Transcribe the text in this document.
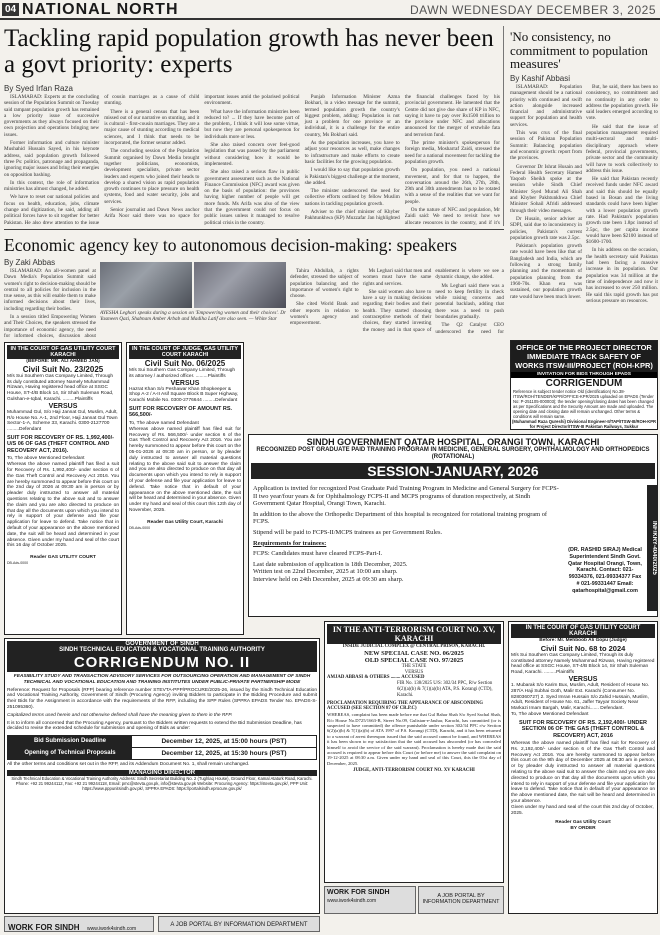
04 NATIONAL NORTH	DAWN WEDNESDAY DECEMBER 3, 2025
Tackling rapid population growth has never been a govt priority: experts
By Syed Irfan Raza

ISLAMABAD: Experts at the concluding session of the Population Summit on Tuesday said rampant population growth has remained a low priority issue of successive governments as they always focused on their own projection and operations bringing new issues.

Former information and culture minister Mushahid Hussain Sayed, in his keynote address, said population growth followed three Ps: politics, patronage and propaganda, ignoring major issues and bring their energies on opposition bashing.

In this context, the role of information ministries has almost changed, he added.

We have to reset our national policies and focus on health, education, jobs, climate change and digitization, he said, adding all political forces have to sit together for better Pakistan. He also drew attention to the issue of cousin marriages as a cause of child stunting.

There is a general census that has been missed out of our narrative on stunting, and it is cultural - first-cousin marriages. They are a major cause of stunting according to medical sciences, and I think that needs to be incorporated, the former senator added.

The concluding session of the Population Summit organised by Dawn Media brought together politicians, economists, development specialists, private sector leaders and experts who joined their heads to develop a shared vision as rapid population growth continues to place pressure on health systems, food and water security, jobs and services.

Senior journalist and Dawn News anchor Arifa Noor said there was no space for important issues amid the polarised political environment.

What have the information ministries been reduced to? ... If they have become part of the problem,. I think it will lose some virtue, but now they are personal spokesperson for individuals more or less.

She also raised concern over feel-good legislation that was passed by the parliament without considering how it would be implemented.

She also raised a serious flaw in public government assessment such as the National Finance Commission (NFC) award was given on the basis of population: the provinces having higher number of people will get more funds. Ms Arifa was also of the view that the government could not focus on public issues unless it managed to resolve political crisis in the country.

Punjab Information Minister Azma Bokhari, in a video message for the summit, termed population growth the country's biggest problem, adding: Population is not just a problem for one province or an individual, it is a challenge for the entire country, Ms Bokhari said.

As the population increases, you have to adjust your resources as well, make changes to infrastructure and make efforts to create basic facilities for the growing population.

I would like to say that population growth is Pakistan's biggest challenge at the moment, she added.

The minister underscored the need for collective efforts outlined by fellow Muslim nations in tackling population growth.

Adviser to the chief minister of Khyber Pakhtunkhwa (KP) Muzzafar Jan highlighted the financial challenges faced by his provincial government. He lamented that the Centre did not give due share of KP in NFC, saying it have to pay over Rs1500 trillion to the province under NFC and allocations announced for the merger of erstwhile fata and terrorism fund.

The prime minister's spokesperson for foreign media, Mosharraf Zaidi, stressed the need for a national movement for tackling the population growth.

On population, you need a national movement, and for that to happen, the conversation around the 26th, 27th, 28th, 29th and 30th amendments has to be rotated with a sense of the realities that we want for people.

On the nature of NFC and population, Mr Zaidi said: We need to revisit how we allocate resources in the country, and if it's

'No consistency, no commitment to population measures'
By Kashif Abbasi

ISLAMABAD: Population management should be a national priority with continued and swift action alongside increased financial and administrative support for population and health services.

This was crux of the final session of Pakistan Population Summit: Balancing population and economic growth: report from the provinces.

Governor Dr Ishrat Husain and Federal Health Secretary Hamed Yaqoob Sheikh spoke at the session while Sindh Chief Minister Syed Murad Ali Shah and Khyber Pakhtunkhwa Chief Minister Sohail Afridi addressed through their video messages.

Dr Husain, senior adviser at SDPI, said due to inconsistency in policies, Pakistan's current population growth rate was 2.5pc.

Pakistan's population growth rate would have been like that of Bangladesh and India, which are following a strong family planning and the momentum of population planning from the 1960-70s. Khan era was sustained, our population growth rate would have been much lower.

But, he said, there has been no consistency, no commitment and no continuity in any order to address the population growth. He said leaders emerged according to vote.

He said that the issue of population management required multi-sectoral and multi-disciplinary approach where federal, provincial governments, private sector and the community will have to work collectively to address this issue.

He said that Pakistan recently received funds under NFC award and said this should be equally based in Bosan and the living standards could have been higher with a lower population growth rate. Had Pakistan's population growth rate been 1.8pc instead of 2.5pc, the per capita income would have been $2100 instead of $1600-1700.

In his address on the occasion, the health secretary said Pakistan had been facing a massive increase in its population. Our population was 34 million at the time of independence and now it has increased to over 250 million. He said this rapid growth has put serious pressure on resources.

Economic agency key to autonomous decision-making: speakers
By Zaki Abbas

ISLAMABAD: An all-women panel at Dawn Media's Population Summit said women's right to decision-making should be central to all policies for inclusion in the true sense, as this will enable them to make informed decisions about their lives, including regarding their bodies.

In a session titled Empowering Women and Their Choices, the speakers stressed the importance of economic agency, the need for informed choices, discussion about

AYESHA Leghari speaks during a session on 'Empowering women and their choices'. Dr Yasmeen Qazi, Shabnam Amber Arbab and Madiha Latif are also seen. — White Star

Tahira Abdullah, a rights defender, stressed the subject of population balancing and the importance of women's right to choose.

She cited World Bank and other reports in relation to women's agency and empowerment.

Ms Leghari said that men and women must have the same rights and services.

She said women also have to have a say in making decisions regarding their bodies and their health. They started choosing contraceptive methods of their choices, they started investing the money and in that space of enablement is where we see a dynamic change, she added.

Ms Leghari said there was a need to keep fertility in check while raising concerns and potential backlash, adding that there was a need to push boundaries gradually.

The Q2 Catalyst CEO underscored the need for

OFFICE OF THE PROJECT DIRECTOR IMMEDIATE TRACK SAFETY OF WORKS ITSW-III/PROJECT (ROH-KPR)
INVITATION FOR BIDS THROUGH EPADS
CORRIGENDUM
Reference is subject tender notice Old (identification) No.38-ITSW/ROH/TENDER/KPR/OFFICE-KPR/2025 uploaded on EPADS (Tender No: P-251105-000003); the tender opening/closing dates has been changed as per Specifications and the Security Amount are made and uploaded. The opening date and closing date will remain unchanged. Other terms & conditions will remain same.
(Muhammad Raza Qureshi) Divisional Engineer-II/TAP/ITSW-III/ROH-KPR for Project Director/ITSW-III Pakistan Railways, Sukkur
IN THE COURT OF GAS UTILITY COURT KARACHI
(BEFORE: MR. ALI AHMED JAN)
Civil Suit No. 23/2025
M/s Sui Southern Gas Company Limited, Through its duly constituted attorney Namely Muhammad Rizwan, Having registered head office at SSGC House, ST-4/B Block 14, Sir Shah Suleman Road, Gulshan-e-Iqbal, Karachi. .........Plaintiffs
VERSUS
Muhammad Gul, S/o Haji Jannat Gul, Muslim, Adult, R/o House No. A-1, 2nd Floor, Haji Jannat Gul Town Sector-1-A, Scheme 33, Karachi. 0300-2127700 .........Defendant
SUIT FOR RECOVERY OF RS. 1,992,400/- U/S 06 OF GAS (THEFT CONTROL AND RECOVERY ACT, 2016).
To, The above Mentioned Defendant
Whereas the above named plaintiff has filed a suit for Recovery of Rs. 1,992,400/- under section 6 of the Gas Theft Control and Recovery Act 2016. You are hereby summoned to appear before this court on the 2nd day of 2026 at 09:30 am in person or by pleader duly instructed to answer all material questions relating to the above suit and to answer the claim and you are also directed to produce on that day all the documents upon which you intend to rely in support of your defense and file your application for leave to defend. Take notice that in default of your appearance on the above mentioned date, the suit will be heard and determined in your absence. Given under my hand and seal of the court this 16 day of October 2025.
Reader GAS UTILITY COURT
DB-Ads-0000
IN THE COURT OF JUDGE, GAS UTILITY COURT KARACHI
Civil Suit No. 06/2025
M/s Sui Southern Gas Company Limited, Through its attorney / authorized officer. .........Plaintiffs
VERSUS
Hazrat Khan S/o Peshawar Khan Shopkeeper & Shop A-2 / A-II Asif Square Block B Super Highway, Karachi Mobile No. 0300-2776644 .........Defendant
SUIT FOR RECOVERY OF AMOUNT RS. 566,500/-
To, The above named Defendant
Whereas above named plaintiff has filed suit for Recovery of Rs. 566,500/- under section 6 of the Gas Theft Control and Recovery Act 2016. You are hereby summoned to appear before this court on the 05-01-2026 at 09:30 am in person, or by pleader duly instructed to answer all material questions relating to the above said suit to answer the claim and you are also directed to produce on that day all documents upon which you intend to rely in support of your defense and file your application for leave to defend. Take notice that in default of your appearance on the above mentioned date, the suit will be heard and determined in your absence. Given under my hand and seal of this court this 12th day of November, 2025.
Reader Gas Utility Court, Karachi
DB-Ads-0000
SINDH GOVERNMENT QATAR HOSPITAL, ORANGI TOWN, KARACHI
RECOGNIZED POST GRADUATE PAID TRAINING PROGRAM IN MEDICINE, GENERAL SURGERY, OPHTHALMOLOGY AND ORTHOPEDICS (ROTATIONAL)
SESSION-JANUARY, 2026
Application is invited for recognized Post Graduate Paid Training Program in Medicine and General Surgery for FCPS-II two year/four years & for Ophthalmology FCPS-II and MCPS programs of duration respectively, at Sindh Government Qatar Hospital, Orangi Town, Karachi.
In addition to the above the Orthopedic Department of this hospital is recognized for rotational training program of FCPS.
Stipend will be paid to FCPS-II/MCPS trainees as per Government Rules.
Requirements for trainees:
FCPS: Candidates must have cleared FCPS-Part-I.
Last date submission of application is 18th December, 2025.
Written test on 22nd December, 2025 at 10:00 am sharp.
Interview held on 24th December, 2025 at 09:30 am sharp.
(DR. RASHID SIRAJ) Medical Superintendent Sindh Govt. Qatar Hospital Orangi, Town, Karachi. Contact: 021-99334376, 021-99334377 Fax # 021-99331447 Email: qatarhospital@gmail.com
INF/KRY-4040/2025
GOVERNMENT OF SINDH
SINDH TECHNICAL EDUCATION & VOCATIONAL TRAINING AUTHORITY
CORRIGENDUM NO. II
FEASIBILITY STUDY AND TRANSACTION ADVISORY SERVICES FOR OUTSOURCING OPERATION AND MANAGEMENT OF SINDH TECHNICAL AND VOCATIONAL EDUCATION AND TRAINING INSTITUTES UNDER PUBLIC-PRIVATE PARTNERSHIP MODE
Reference: Request for Proposals (RFP) bearing reference number STEVTA-PPP/PROCURE/2025-26, issued by the Sindh Technical Education and Vocational Training Authority, Government of Sindh (Procuring Agency) inviting Bidders to participate in the Bidding Procedure and submit their Bids for the Assignment in accordance with the requirements of the RFP, including the SPP Rules (SPPRA EPADS Tender No. EPADS-S-251095360).
Capitalized terms used herein and not otherwise defined shall have the meaning given to them in the RFP.
It is to inform all concerned that the Procuring Agency, pursuant to the Bidders written requests to extend the Bid Submission Deadline, has decided to revise the extended schedule for submission and opening of Bids as under:
Bid Submission Deadline	December 12, 2025, at 15:00 hours (PST)
Opening of Technical Proposals	December 12, 2025, at 15:30 hours (PST)
All the other terms and conditions set out in the RFP, and its Addendum Document No. 1, shall remain unchanged.
MANAGING DIRECTOR
Sindh Technical Education & Vocational Training Authority Address: Sindh Secretariat Building No. 2 (Tughlaq House), Ground Floor, Kamal Ataturk Road, Karachi. Phone: +92 21 99244112, Fax: +92 21 99244118, Email: pmc@stevta.gov.pk, info@stevta.gov.pk Website: Procuring Agency: https://stevta.gov.pk/, PPP Unit: https://www.pppunitsindh.gov.pk/, SPPRA EPADS: https://portalsindh.eprocure.gov.pk/
IN THE ANTI-TERRORISM COURT NO. XV, KARACHI
INSIDE JUDICIAL COMPLEX @ CENTRAL PRISON, KARACHI.
NEW SPECIAL CASE NO. 06/2025
OLD SPECIAL CASE NO. 97/2025
THE STATE
VERSUS
AMJAD ABBASI & OTHERS ........ ACCUSED
FIR No. 138/2025 U/S: 302/34 PPC, R/w Section 6(2)(a)(b) & 7(1)(a)(b) ATA, P.S. Korangi (CTD), Karachi.
PROCLAMATION REQUIRING THE APPEARANCE OF ABSCONDING ACCUSED (SEE SECTION 87 OF CR.P.C)
WHEREAS, complaint has been made before me that Gul Bahar Shah S/o Syed Sachal Shah, R/o House No.D725/1663-B, Street No.09, Gulistan-e-Jauhar, Karachi, has committed (or is suspected to have committed) the offence punishable under section 302/34 PPC r/w Section 6(2)(a)(b) & 7(1)(a)(b) of ATA 1997 of P.S. Korangi (CTD), Karachi, and it has been returned to a warrant of arrest thereupon issued that the said accused cannot be found, and WHEREAS it has been shown to my satisfaction that the said accused has absconded (or has concealed himself to avoid the service of the said warrant). Proclamation is hereby made that the said accused is required to appear before this Court (or before me) to answer the said complaint on 19-12-2025 at 08:30 a.m. Given under my hand and seal of this Court, this the 01st day of December, 2025.
JUDGE, ANTI-TERRORISM COURT NO. XV KARACHI
IN THE COURT OF GAS UTILITY COURT KARACHI
Before: Mr. Mehboob Ali Gopu (Judge)
Civil Suit No. 68 to 2024
M/s Sui Southern Gas Company Limited, Through its duly constituted attorney Namely Muhammad Rizwan, Having registered head office at SSGC House, ST-4/B Block 14, Sir Shah Suleman Road, Karachi. .........Plaintiffs
VERSUS
1. Mubarak S/o Karim Bux, Muslim, Adult, Resident of House No. 287/A Haji Subhai Goth, Malir Ext. Karachi (Consumer No. 8280360727) 2. Syed Imran Hussain S/o Zahid Hussain, Muslim, Adult, Resident of House No. 61, Jaffer Tayyar Society Near Markazi Imam Bargah, Malir, Karachi....... Defendant.
To, The above Mentioned Defendant
SUIT FOR RECOVERY OF RS. 2,192,400/- UNDER SECTION 06 OF THE GAS (THEFT CONTROL & RECOVERY) ACT, 2016
Whereas the above named plaintiff has filed suit for Recovery of Rs. 2,192,400/- under section 6 of the Gas Theft Control and Recovery Act 2016. You are hereby summoned to appear before this court on the 9th day of December 2025 at 08:30 am in person, or by pleader duly instructed to answer all material questions relating to the above said suit to answer the claim and you are also directed to produce on that day all the documents upon which you intend to rely in support of your defense and file your application for leave to defend. Take notice that in default of your appearance on the above mentioned date, the suit will be heard and determined in your absence.
Given under my hand and seal of the court this 2nd day of October, 2025.
Reader Gas Utility Court
BY ORDER
WORK FOR SINDH www.iwork4sindh.com
A JOB PORTAL BY INFORMATION DEPARTMENT
WORK FOR SINDH
www.iwork4sindh.com
A JOB PORTAL BY INFORMATION DEPARTMENT
